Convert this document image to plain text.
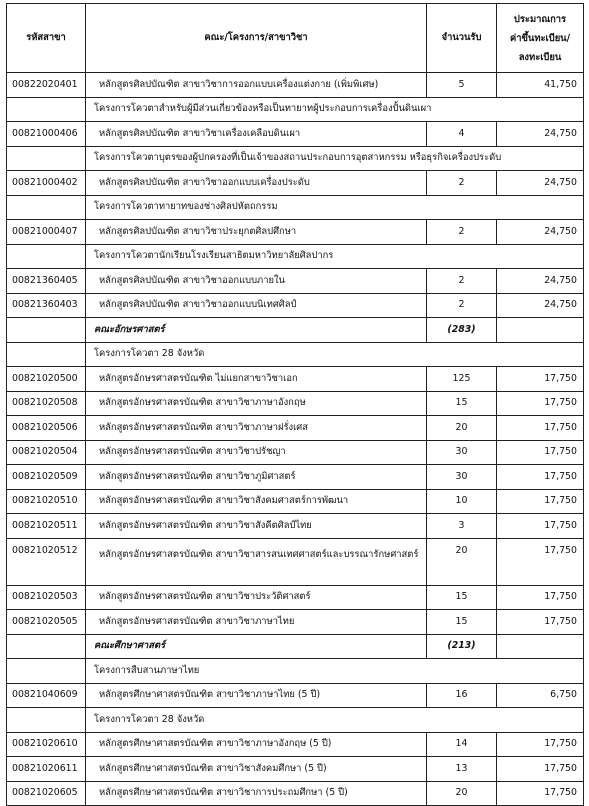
รหัสสาขา	คณะ/โครงการ/สาขาวิชา	จำนวนรับ	ประมาณการ
ค่าขึ้นทะเบียน/
ลงทะเบียน

00822020401	หลักสูตรศิลปบัณฑิต สาขาวิชาการออกแบบเครื่องแต่งกาย (เพิ่มพิเศษ)	5	41,750
	โครงการโควตาสำหรับผู้มีส่วนเกี่ยวข้องหรือเป็นทายาทผู้ประกอบการเครื่องปั้นดินเผา		
00821000406	หลักสูตรศิลปบัณฑิต สาขาวิชาเครื่องเคลือบดินเผา	4	24,750
	โครงการโควตาบุตรของผู้ปกครองที่เป็นเจ้าของสถานประกอบการอุตสาหกรรม หรือธุรกิจเครื่องประดับ		
00821000402	หลักสูตรศิลปบัณฑิต สาขาวิชาออกแบบเครื่องประดับ	2	24,750
	โครงการโควตาทายาทของช่างศิลปหัตถกรรม		
00821000407	หลักสูตรศิลปบัณฑิต สาขาวิชาประยุกตศิลปศึกษา	2	24,750
	โครงการโควตานักเรียนโรงเรียนสาธิตมหาวิทยาลัยศิลปากร		
00821360405	หลักสูตรศิลปบัณฑิต สาขาวิชาออกแบบภายใน	2	24,750
00821360403	หลักสูตรศิลปบัณฑิต สาขาวิชาออกแบบนิเทศศิลป์	2	24,750
	คณะอักษรศาสตร์	(283)	
	โครงการโควตา 28 จังหวัด		
00821020500	หลักสูตรอักษรศาสตรบัณฑิต ไม่แยกสาขาวิชาเอก	125	17,750
00821020508	หลักสูตรอักษรศาสตรบัณฑิต สาขาวิชาภาษาอังกฤษ	15	17,750
00821020506	หลักสูตรอักษรศาสตรบัณฑิต สาขาวิชาภาษาฝรั่งเศส	20	17,750
00821020504	หลักสูตรอักษรศาสตรบัณฑิต สาขาวิชาปรัชญา	30	17,750
00821020509	หลักสูตรอักษรศาสตรบัณฑิต สาขาวิชาภูมิศาสตร์	30	17,750
00821020510	หลักสูตรอักษรศาสตรบัณฑิต สาขาวิชาสังคมศาสตร์การพัฒนา	10	17,750
00821020511	หลักสูตรอักษรศาสตรบัณฑิต สาขาวิชาสังคีตศิลป์ไทย	3	17,750
00821020512	หลักสูตรอักษรศาสตรบัณฑิต สาขาวิชาสารสนเทศศาสตร์และบรรณารักษศาสตร์	20	17,750
00821020503	หลักสูตรอักษรศาสตรบัณฑิต สาขาวิชาประวัติศาสตร์	15	17,750
00821020505	หลักสูตรอักษรศาสตรบัณฑิต สาขาวิชาภาษาไทย	15	17,750
	คณะศึกษาศาสตร์	(213)	
	โครงการสืบสานภาษาไทย		
00821040609	หลักสูตรศึกษาศาสตรบัณฑิต สาขาวิชาภาษาไทย (5 ปี)	16	6,750
	โครงการโควตา 28 จังหวัด		
00821020610	หลักสูตรศึกษาศาสตรบัณฑิต สาขาวิชาภาษาอังกฤษ (5 ปี)	14	17,750
00821020611	หลักสูตรศึกษาศาสตรบัณฑิต สาขาวิชาสังคมศึกษา (5 ปี)	13	17,750
00821020605	หลักสูตรศึกษาศาสตรบัณฑิต สาขาวิชาการประถมศึกษา (5 ปี)	20	17,750
